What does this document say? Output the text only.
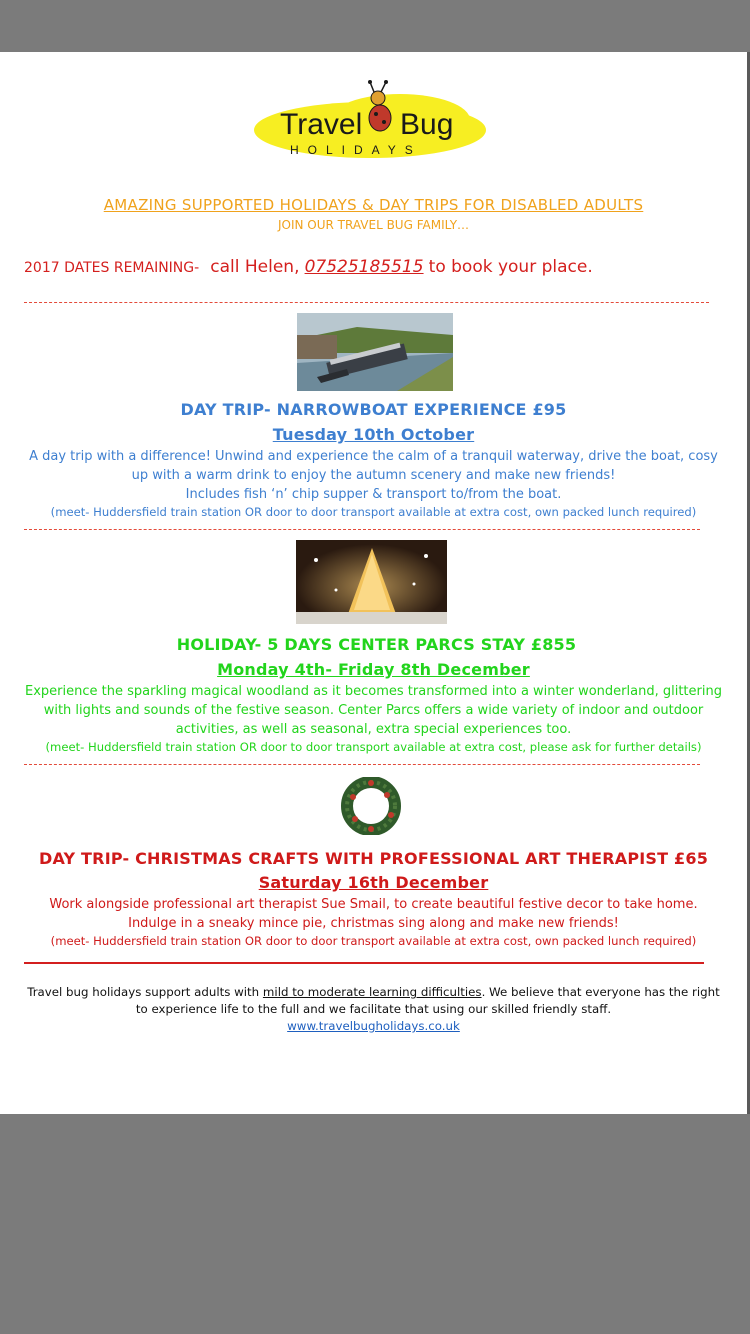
Travel Bug
HOLIDAYS
AMAZING SUPPORTED HOLIDAYS & DAY TRIPS FOR DISABLED ADULTS
JOIN OUR TRAVEL BUG FAMILY…
2017 DATES REMAINING- call Helen, 07525185515 to book your place.
DAY TRIP- NARROWBOAT EXPERIENCE £95
Tuesday 10th October
A day trip with a difference! Unwind and experience the calm of a tranquil waterway, drive the boat, cosy
up with a warm drink to enjoy the autumn scenery and make new friends!
Includes fish ‘n’ chip supper & transport to/from the boat.
(meet- Huddersfield train station OR door to door transport available at extra cost, own packed lunch required)
HOLIDAY- 5 DAYS CENTER PARCS STAY £855
Monday 4th- Friday 8th December
Experience the sparkling magical woodland as it becomes transformed into a winter wonderland, glittering
with lights and sounds of the festive season. Center Parcs offers a wide variety of indoor and outdoor
activities, as well as seasonal, extra special experiences too.
(meet- Huddersfield train station OR door to door transport available at extra cost, please ask for further details)
DAY TRIP- CHRISTMAS CRAFTS WITH PROFESSIONAL ART THERAPIST £65
Saturday 16th December
Work alongside professional art therapist Sue Smail, to create beautiful festive decor to take home.
Indulge in a sneaky mince pie, christmas sing along and make new friends!
(meet- Huddersfield train station OR door to door transport available at extra cost, own packed lunch required)
Travel bug holidays support adults with mild to moderate learning difficulties. We believe that everyone has the right
to experience life to the full and we facilitate that using our skilled friendly staff.
www.travelbugholidays.co.uk
